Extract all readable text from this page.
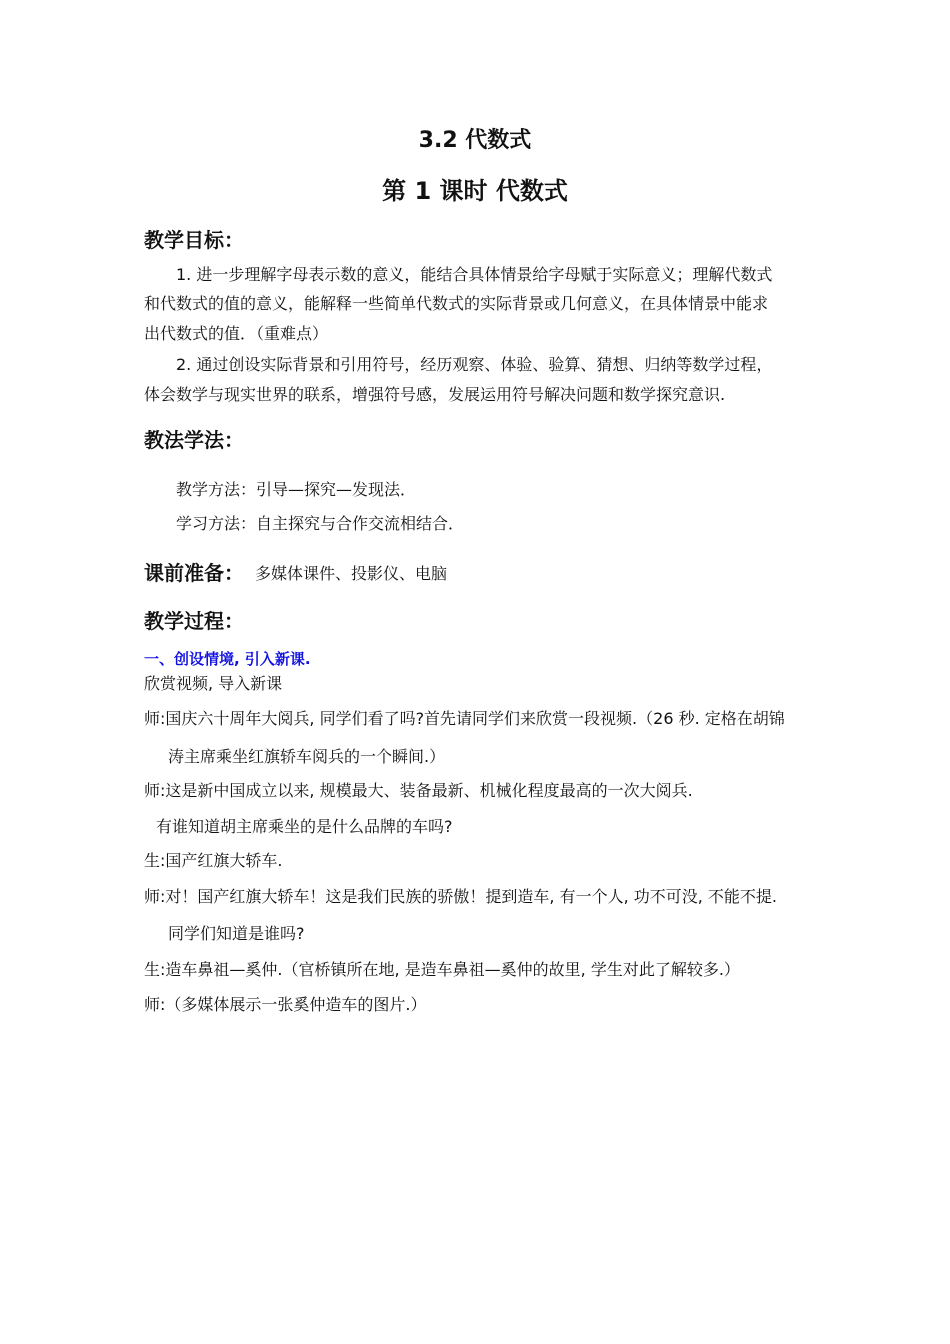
3.2 代数式
第 1 课时 代数式
教学目标：
1. 进一步理解字母表示数的意义，能结合具体情景给字母赋于实际意义；理解代数式
和代数式的值的意义，能解释一些简单代数式的实际背景或几何意义，在具体情景中能求
出代数式的值．（重难点）
2. 通过创设实际背景和引用符号，经历观察、体验、验算、猜想、归纳等数学过程，
体会数学与现实世界的联系，增强符号感，发展运用符号解决问题和数学探究意识.
教法学法：
教学方法：引导—探究—发现法．
学习方法：自主探究与合作交流相结合．
课前准备： 多媒体课件、投影仪、电脑
教学过程：
一、创设情境, 引入新课.
欣赏视频, 导入新课
师:国庆六十周年大阅兵, 同学们看了吗?首先请同学们来欣赏一段视频.（26 秒. 定格在胡锦
涛主席乘坐红旗轿车阅兵的一个瞬间.）
师:这是新中国成立以来, 规模最大、装备最新、机械化程度最高的一次大阅兵.
有谁知道胡主席乘坐的是什么品牌的车吗?
生:国产红旗大轿车.
师:对！国产红旗大轿车！这是我们民族的骄傲！提到造车, 有一个人, 功不可没, 不能不提.
同学们知道是谁吗?
生:造车鼻祖—奚仲.（官桥镇所在地, 是造车鼻祖—奚仲的故里, 学生对此了解较多.）
师:（多媒体展示一张奚仲造车的图片.）
